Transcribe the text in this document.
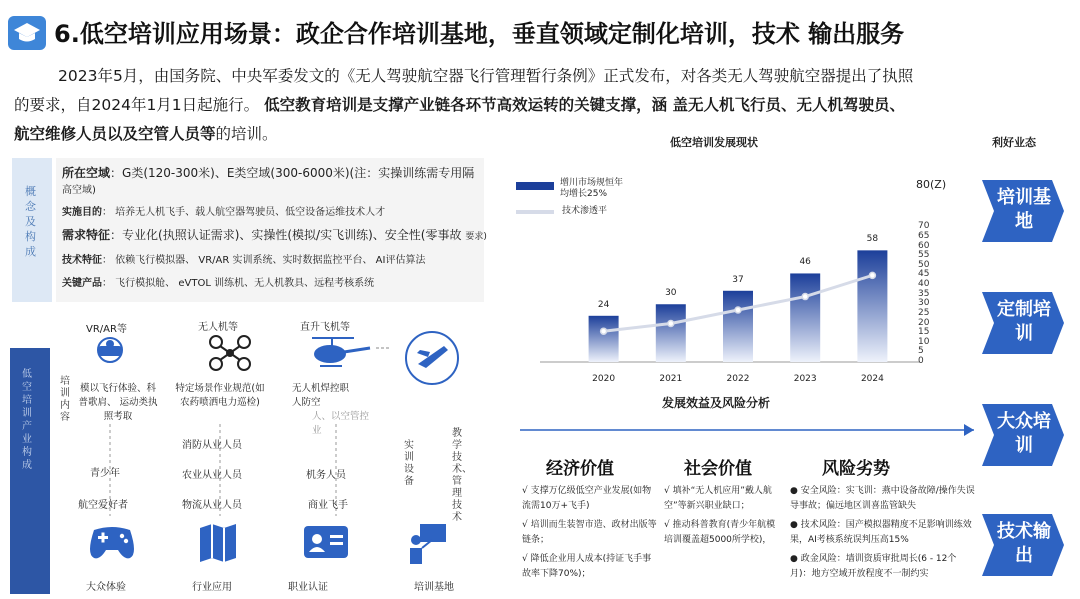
6.低空培训应用场景：政企合作培训基地，垂直领域定制化培训，技术 输出服务
2023年5月，由国务院、中央军委发文的《无人驾驶航空器飞行管理暂行条例》正式发布，对各类无人驾驶航空器提出了执照
的要求，自2024年1月1日起施行。 低空教育培训是支撑产业链各环节高效运转的关键支撑，涵 盖无人机飞行员、无人机驾驶员、
航空维修人员以及空管人员等的培训。
概念及构成
所在空域：G类(120-300米)、E类空域(300-6000米)(注：实操训练需专用隔
高空域)
实施目的： 培养无人机飞手、载人航空器驾驶员、低空设备运维技术人才
需求特征：专业化(执照认证需求)、实操性(模拟/实飞训练)、安全性(零事故 要求)
技术特征： 依赖飞行模拟器、 VR/AR 实训系统、实时数据监控平台、 AI评估算法
关键产品： 飞行模拟舱、 eVTOL 训练机、无人机教具、远程考核系统
低空培训产业构成
VR/AR等	无人机等	直升飞机等
培训内容
模以飞行体验、科普歌肩、 运动类执照考取
特定场景作业规范(如农药喷洒电力巡检)
无人机焊控职人防空
人、以空管控业
消防从业人员
青少年	农业从业人员	机务人员
航空爱好者	物流从业人员	商业飞手
实训设备
教学技术、管理技术
大众体验	行业应用	职业认证	培训基地
低空培训发展现状	利好业态
增川市场规恒年均增长25%
技术渗透平
80(Z)
0
5
10
15
20
25
30
35
40
45
50
55
60
65
70
2020	2021	2022	2023	2024
24
30
37
46
58
培训基地
定制培训
大众培训
技术输出
发展效益及风险分析
经济价值	社会价值	风险劣势

√ 支撑万亿级低空产业发展(如物流需10万+飞手)

√ 培训而生装智市造、政材出版等链条；

√ 降低企业用人成本(持证飞手事故率下降70%)；

√ 填补“无人机应用”戴人航空”等新兴职业缺口；

√ 推动科普教育(青少年航模培训覆盖超5000所学校)，

● 安全风险：实飞训：燕中设备故障/操作失误导事故；偏远地区训喜监管缺失

● 技术风险：国产模拟器精度不足影响训练效果，AI考核系统误判压高15%

● 政金风险：墙训资质审批周长(6 - 12个月)：地方空域开放程度不一制约实
